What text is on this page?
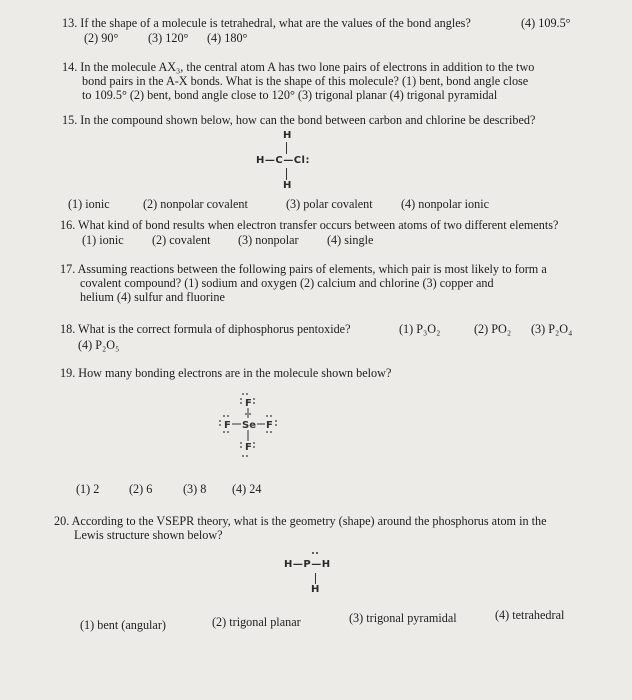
13. If the shape of a molecule is tetrahedral, what are the values of the bond angles?	(4) 109.5°
(2) 90° (3) 120° (4) 180°
14. In the molecule AX₃, the central atom A has two lone pairs of electrons in addition to the two
bond pairs in the A-X bonds. What is the shape of this molecule? (1) bent, bond angle close
to 109.5° (2) bent, bond angle close to 120° (3) trigonal planar (4) trigonal pyramidal
15. In the compound shown below, how can the bond between carbon and chlorine be described?
H
H—C—Cl:
H
(1) ionic	(2) nonpolar covalent	(3) polar covalent (4) nonpolar ionic
16. What kind of bond results when electron transfer occurs between atoms of two different elements?
(1) ionic (2) covalent (3) nonpolar (4) single
17. Assuming reactions between the following pairs of elements, which pair is most likely to form a
covalent compound? (1) sodium and oxygen (2) calcium and chlorine (3) copper and
helium (4) sulfur and fluorine
18. What is the correct formula of diphosphorus pentoxide?	(1) P₃O₂	(2) PO₂ (3) P₂O₄
(4) P₂O₅
19. How many bonding electrons are in the molecule shown below?
F
F Se F
F
(1) 2 (2) 6	(3) 8 (4) 24
20. According to the VSEPR theory, what is the geometry (shape) around the phosphorus atom in the
Lewis structure shown below?
H—P—H
H
(1) bent (angular)	(2) trigonal planar	(3) trigonal pyramidal	(4) tetrahedral
